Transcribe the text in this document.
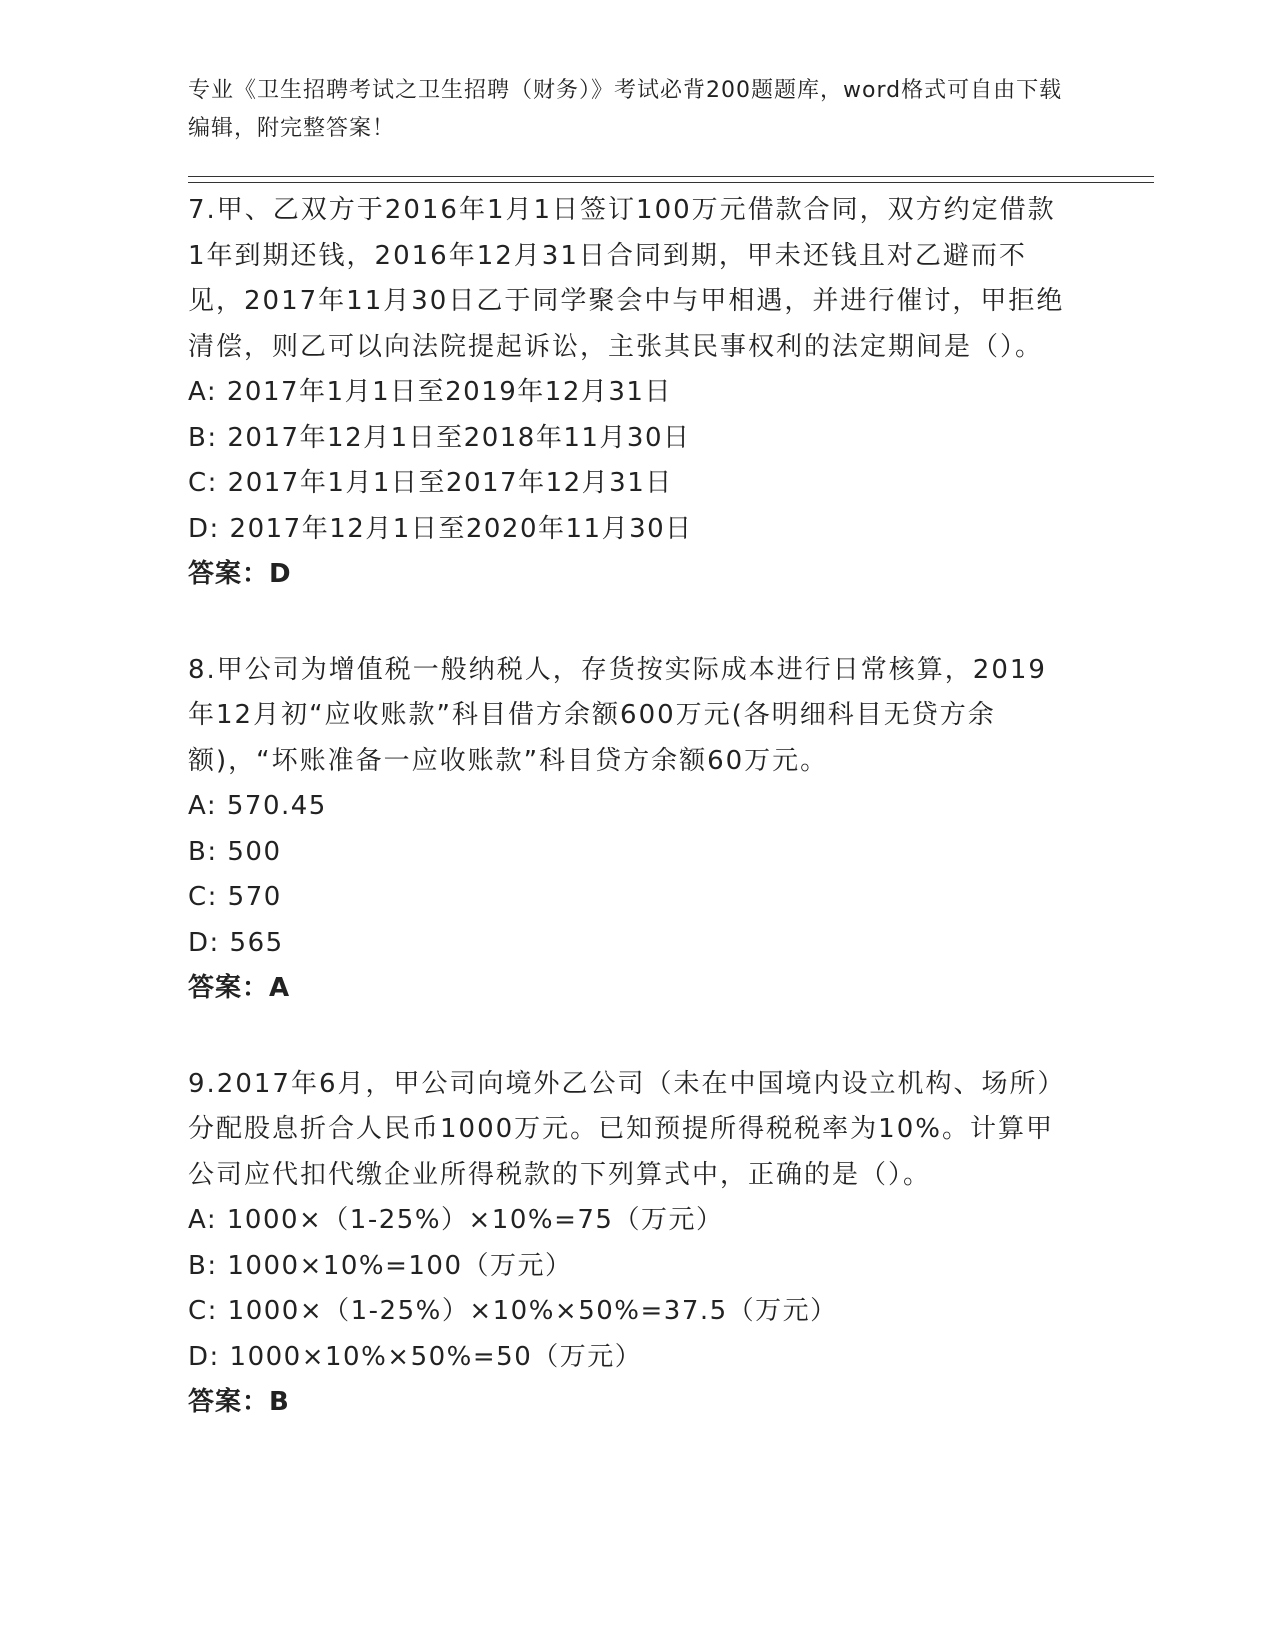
专业《卫生招聘考试之卫生招聘（财务）》考试必背200题题库，word格式可自由下载编辑，附完整答案！

7.甲、乙双方于2016年1月1日签订100万元借款合同，双方约定借款1年到期还钱，2016年12月31日合同到期，甲未还钱且对乙避而不见，2017年11月30日乙于同学聚会中与甲相遇，并进行催讨，甲拒绝清偿，则乙可以向法院提起诉讼，主张其民事权利的法定期间是（）。

A: 2017年1月1日至2019年12月31日

B: 2017年12月1日至2018年11月30日

C: 2017年1月1日至2017年12月31日

D: 2017年12月1日至2020年11月30日

答案：D

8.甲公司为增值税一般纳税人，存货按实际成本进行日常核算，2019年12月初“应收账款”科目借方余额600万元(各明细科目无贷方余额)，“坏账准备一应收账款”科目贷方余额60万元。

A: 570.45

B: 500

C: 570

D: 565

答案：A

9.2017年6月，甲公司向境外乙公司（未在中国境内设立机构、场所）分配股息折合人民币1000万元。已知预提所得税税率为10%。计算甲公司应代扣代缴企业所得税款的下列算式中，正确的是（）。

A: 1000×（1-25%）×10%=75（万元）

B: 1000×10%=100（万元）

C: 1000×（1-25%）×10%×50%=37.5（万元）

D: 1000×10%×50%=50（万元）

答案：B
